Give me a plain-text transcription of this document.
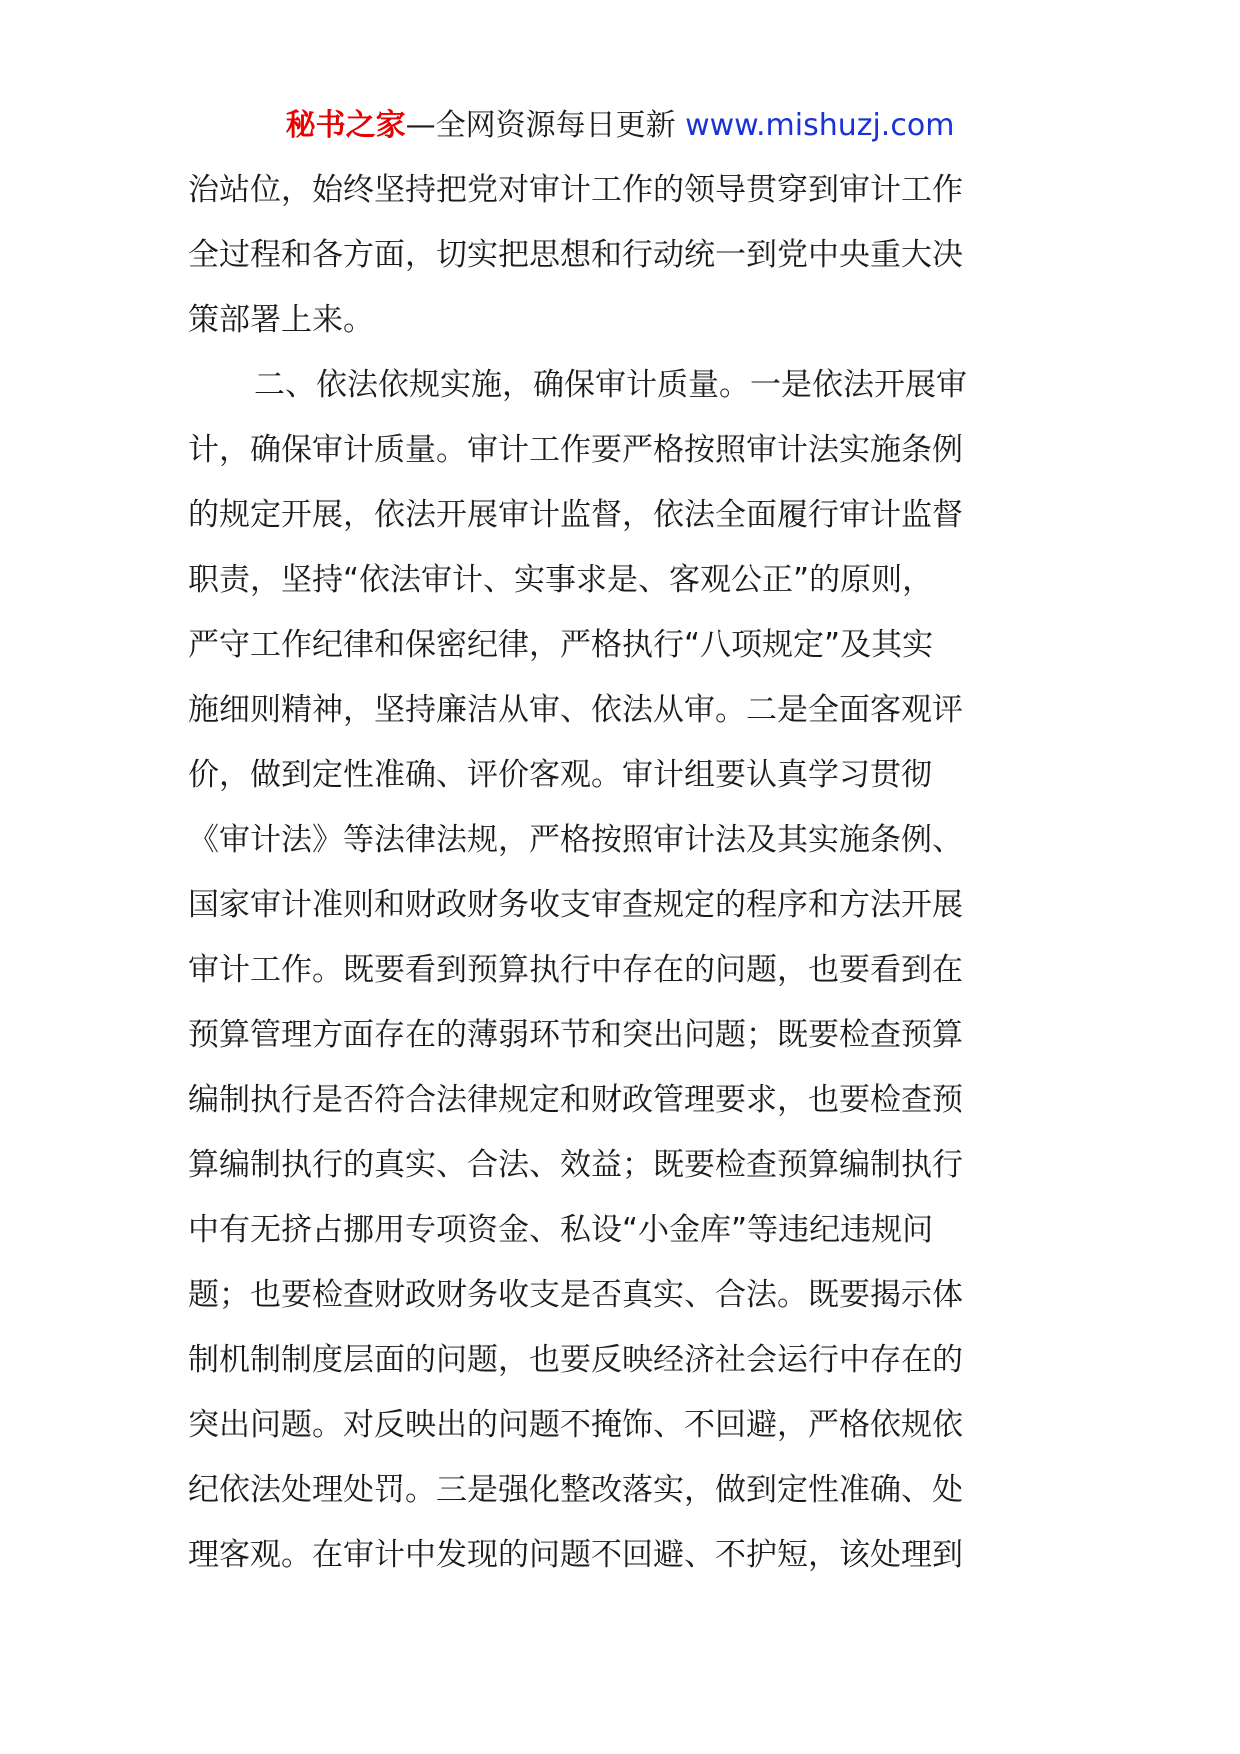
秘书之家—全网资源每日更新 www.mishuzj.com
治站位，始终坚持把党对审计工作的领导贯穿到审计工作
全过程和各方面，切实把思想和行动统一到党中央重大决
策部署上来。
二、依法依规实施，确保审计质量。一是依法开展审
计，确保审计质量。审计工作要严格按照审计法实施条例
的规定开展，依法开展审计监督，依法全面履行审计监督
职责，坚持“依法审计、实事求是、客观公正”的原则，
严守工作纪律和保密纪律，严格执行“八项规定”及其实
施细则精神，坚持廉洁从审、依法从审。二是全面客观评
价，做到定性准确、评价客观。审计组要认真学习贯彻
《审计法》等法律法规，严格按照审计法及其实施条例、
国家审计准则和财政财务收支审查规定的程序和方法开展
审计工作。既要看到预算执行中存在的问题，也要看到在
预算管理方面存在的薄弱环节和突出问题；既要检查预算
编制执行是否符合法律规定和财政管理要求，也要检查预
算编制执行的真实、合法、效益；既要检查预算编制执行
中有无挤占挪用专项资金、私设“小金库”等违纪违规问
题；也要检查财政财务收支是否真实、合法。既要揭示体
制机制制度层面的问题，也要反映经济社会运行中存在的
突出问题。对反映出的问题不掩饰、不回避，严格依规依
纪依法处理处罚。三是强化整改落实，做到定性准确、处
理客观。在审计中发现的问题不回避、不护短，该处理到
